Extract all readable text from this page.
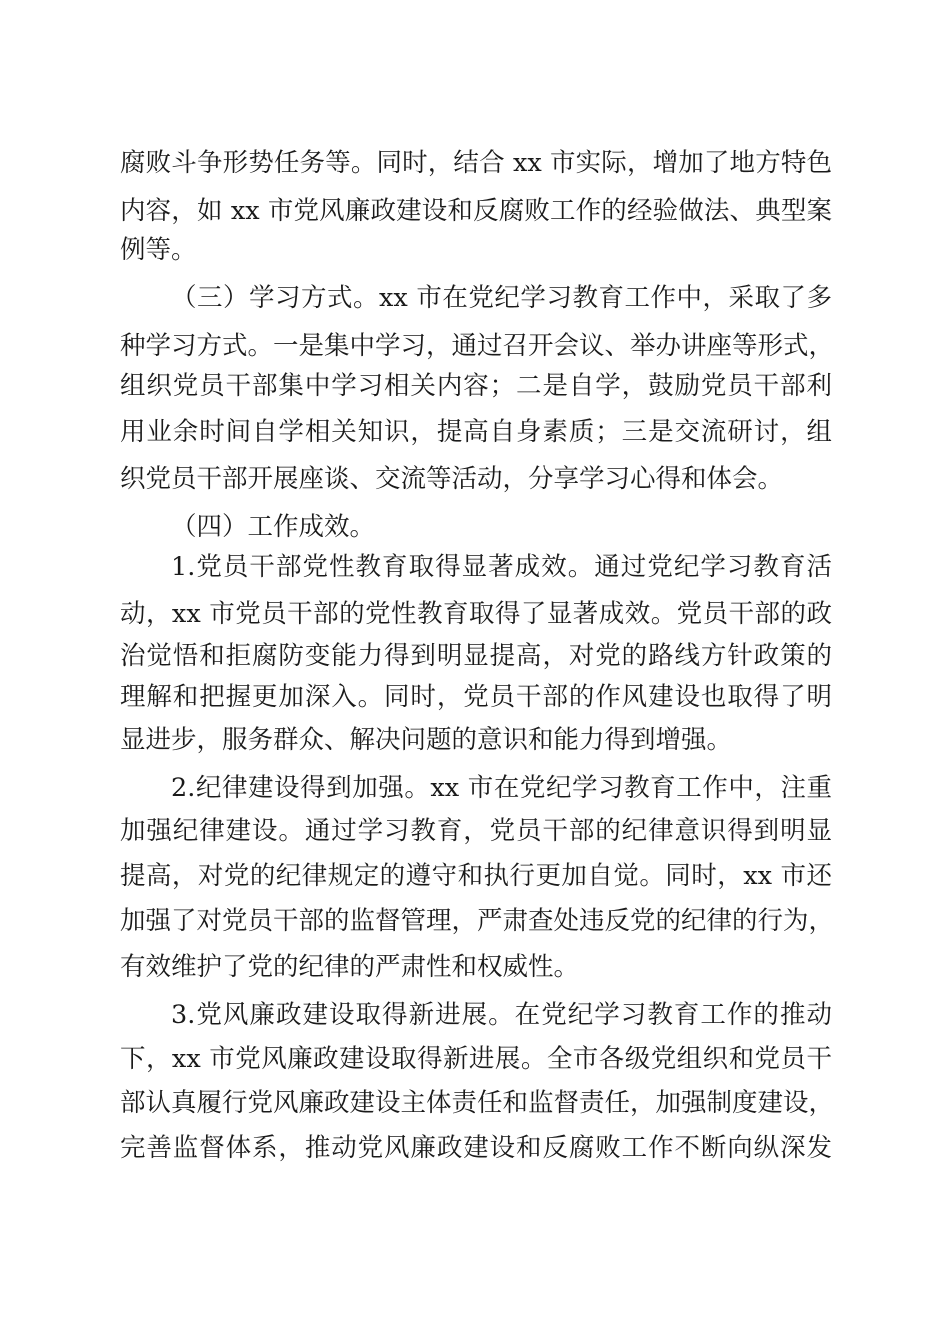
腐败斗争形势任务等。同时，结合 xx 市实际，增加了地方特色
内容，如 xx 市党风廉政建设和反腐败工作的经验做法、典型案
例等。
（三）学习方式。xx 市在党纪学习教育工作中，采取了多
种学习方式。一是集中学习，通过召开会议、举办讲座等形式，
组织党员干部集中学习相关内容；二是自学，鼓励党员干部利
用业余时间自学相关知识，提高自身素质；三是交流研讨，组
织党员干部开展座谈、交流等活动，分享学习心得和体会。
（四）工作成效。
1.党员干部党性教育取得显著成效。通过党纪学习教育活
动，xx 市党员干部的党性教育取得了显著成效。党员干部的政
治觉悟和拒腐防变能力得到明显提高，对党的路线方针政策的
理解和把握更加深入。同时，党员干部的作风建设也取得了明
显进步，服务群众、解决问题的意识和能力得到增强。
2.纪律建设得到加强。xx 市在党纪学习教育工作中，注重
加强纪律建设。通过学习教育，党员干部的纪律意识得到明显
提高，对党的纪律规定的遵守和执行更加自觉。同时，xx 市还
加强了对党员干部的监督管理，严肃查处违反党的纪律的行为，
有效维护了党的纪律的严肃性和权威性。
3.党风廉政建设取得新进展。在党纪学习教育工作的推动
下，xx 市党风廉政建设取得新进展。全市各级党组织和党员干
部认真履行党风廉政建设主体责任和监督责任，加强制度建设，
完善监督体系，推动党风廉政建设和反腐败工作不断向纵深发
